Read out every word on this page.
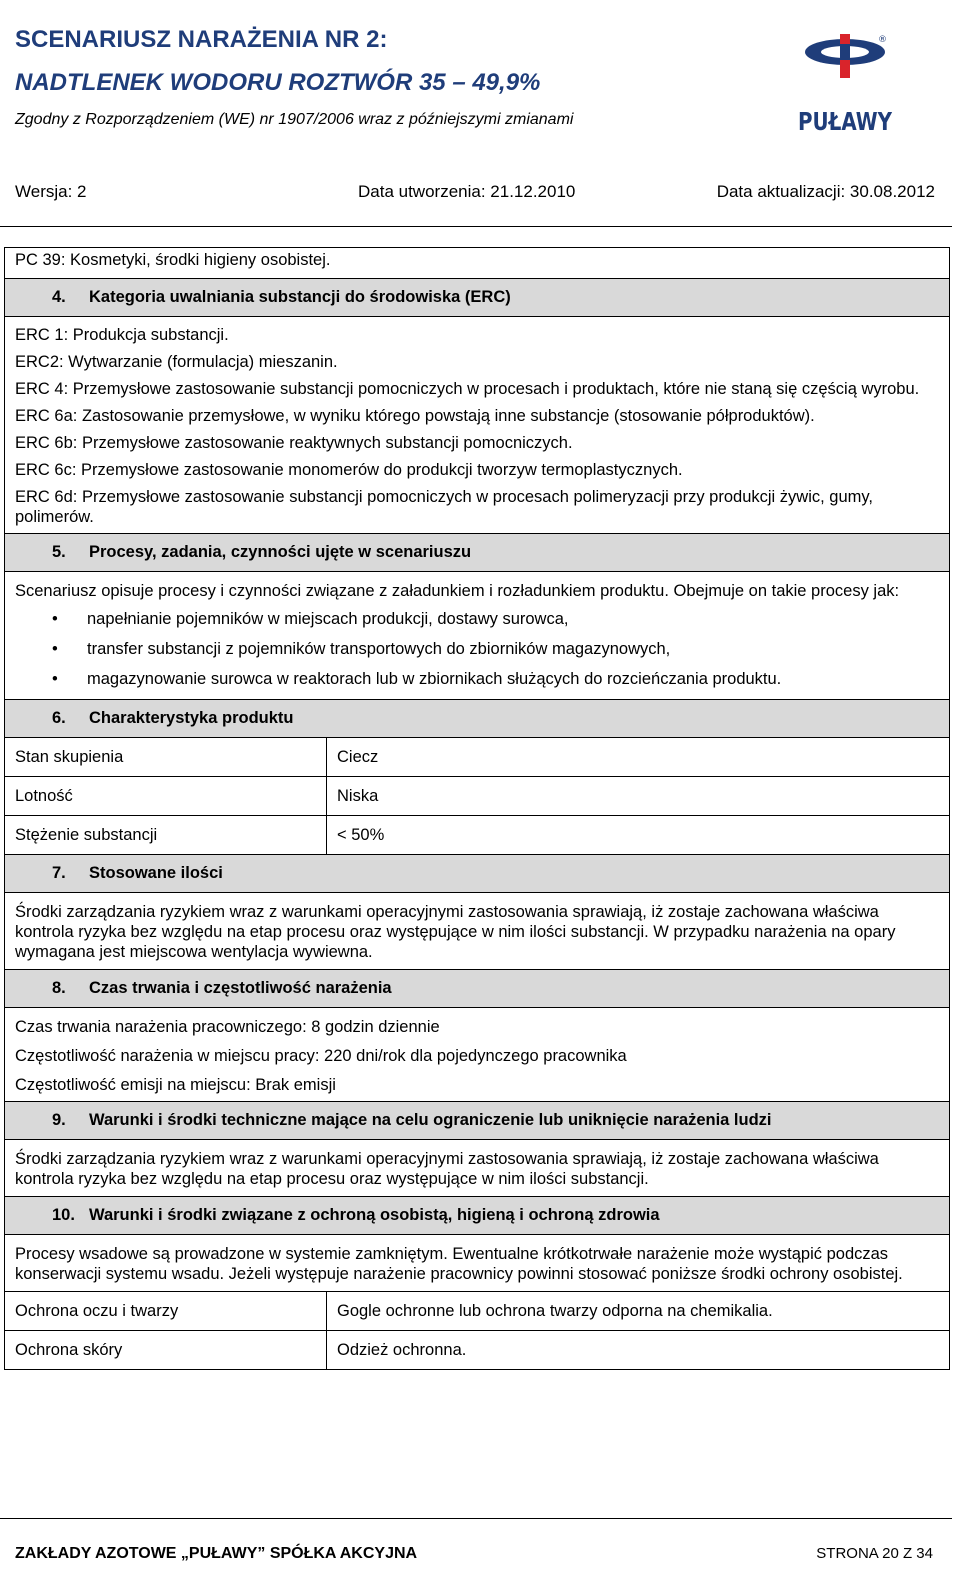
SCENARIUSZ NARAŻENIA NR 2:
NADTLENEK WODORU ROZTWÓR 35 – 49,9%
Zgodny z Rozporządzeniem (WE) nr 1907/2006 wraz z późniejszymi zmianami
®
PUŁAWY
Wersja: 2	Data utworzenia: 21.12.2010	Data aktualizacji: 30.08.2012

PC 39: Kosmetyki, środki higieny osobistej.

4. Kategoria uwalniania substancji do środowiska (ERC)

ERC 1: Produkcja substancji.

ERC2: Wytwarzanie (formulacja) mieszanin.

ERC 4: Przemysłowe zastosowanie substancji pomocniczych w procesach i produktach, które nie staną się częścią wyrobu.

ERC 6a: Zastosowanie przemysłowe, w wyniku którego powstają inne substancje (stosowanie półproduktów).

ERC 6b: Przemysłowe zastosowanie reaktywnych substancji pomocniczych.

ERC 6c: Przemysłowe zastosowanie monomerów do produkcji tworzyw termoplastycznych.

ERC 6d: Przemysłowe zastosowanie substancji pomocniczych w procesach polimeryzacji przy produkcji żywic, gumy, polimerów.

5. Procesy, zadania, czynności ujęte w scenariuszu

Scenariusz opisuje procesy i czynności związane z załadunkiem i rozładunkiem produktu. Obejmuje on takie procesy jak:

• napełnianie pojemników w miejscach produkcji, dostawy surowca,
• transfer substancji z pojemników transportowych do zbiorników magazynowych,
• magazynowanie surowca w reaktorach lub w zbiornikach służących do rozcieńczania produktu.
6. Charakterystyka produktu
Stan skupienia	Ciecz
Lotność	Niska
Stężenie substancji	< 50%
7. Stosowane ilości

Środki zarządzania ryzykiem wraz z warunkami operacyjnymi zastosowania sprawiają, iż zostaje zachowana właściwa kontrola ryzyka bez względu na etap procesu oraz występujące w nim ilości substancji. W przypadku narażenia na opary wymagana jest miejscowa wentylacja wywiewna.

8. Czas trwania i częstotliwość narażenia

Czas trwania narażenia pracowniczego: 8 godzin dziennie

Częstotliwość narażenia w miejscu pracy: 220 dni/rok dla pojedynczego pracownika

Częstotliwość emisji na miejscu: Brak emisji

9. Warunki i środki techniczne mające na celu ograniczenie lub uniknięcie narażenia ludzi

Środki zarządzania ryzykiem wraz z warunkami operacyjnymi zastosowania sprawiają, iż zostaje zachowana właściwa kontrola ryzyka bez względu na etap procesu oraz występujące w nim ilości substancji.

10. Warunki i środki związane z ochroną osobistą, higieną i ochroną zdrowia

Procesy wsadowe są prowadzone w systemie zamkniętym. Ewentualne krótkotrwałe narażenie może wystąpić podczas konserwacji systemu wsadu. Jeżeli występuje narażenie pracownicy powinni stosować poniższe środki ochrony osobistej.

Ochrona oczu i twarzy	Gogle ochronne lub ochrona twarzy odporna na chemikalia.
Ochrona skóry	Odzież ochronna.
ZAKŁADY AZOTOWE „PUŁAWY” SPÓŁKA AKCYJNA	STRONA 20 Z 34
